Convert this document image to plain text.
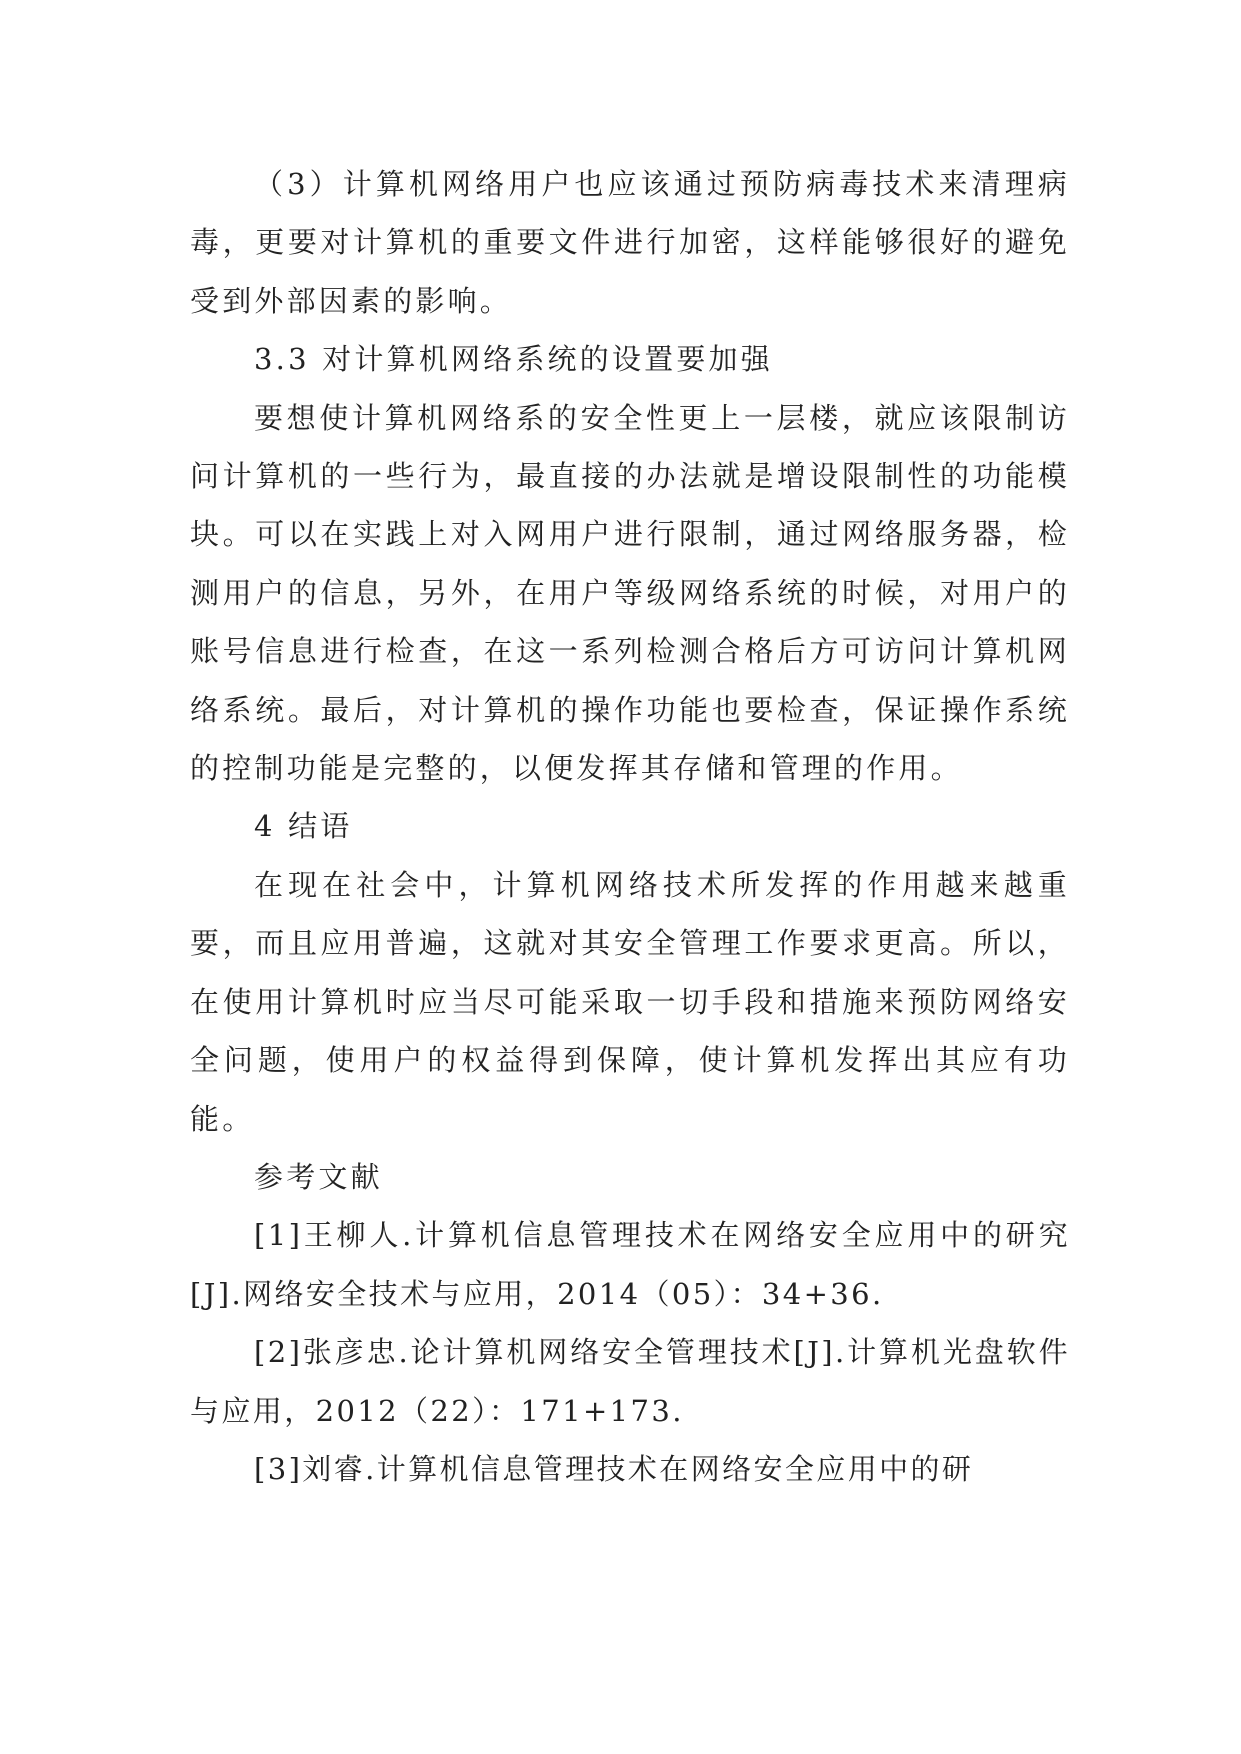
（3）计算机网络用户也应该通过预防病毒技术来清理病毒，更要对计算机的重要文件进行加密，这样能够很好的避免受到外部因素的影响。

3.3 对计算机网络系统的设置要加强

要想使计算机网络系的安全性更上一层楼，就应该限制访问计算机的一些行为，最直接的办法就是增设限制性的功能模块。可以在实践上对入网用户进行限制，通过网络服务器，检测用户的信息，另外，在用户等级网络系统的时候，对用户的账号信息进行检查，在这一系列检测合格后方可访问计算机网络系统。最后，对计算机的操作功能也要检查，保证操作系统的控制功能是完整的，以便发挥其存储和管理的作用。

4 结语

在现在社会中，计算机网络技术所发挥的作用越来越重要，而且应用普遍，这就对其安全管理工作要求更高。所以，在使用计算机时应当尽可能采取一切手段和措施来预防网络安全问题，使用户的权益得到保障，使计算机发挥出其应有功能。

参考文献

[1]王柳人.计算机信息管理技术在网络安全应用中的研究[J].网络安全技术与应用，2014（05）：34+36.

[2]张彦忠.论计算机网络安全管理技术[J].计算机光盘软件与应用，2012（22）：171+173.

[3]刘睿.计算机信息管理技术在网络安全应用中的研
